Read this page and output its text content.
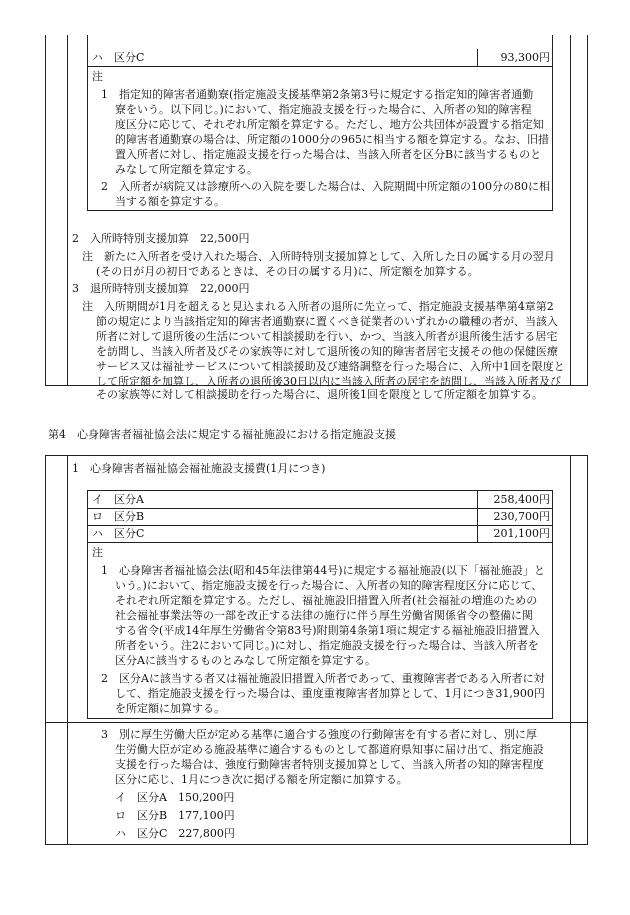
ハ　区分C	93,300円
注
1　指定知的障害者通勤寮(指定施設支援基準第2条第3号に規定する指定知的障害者通勤
寮をいう。以下同じ。)において、指定施設支援を行った場合に、入所者の知的障害程
度区分に応じて、それぞれ所定額を算定する。ただし、地方公共団体が設置する指定知
的障害者通勤寮の場合は、所定額の1000分の965に相当する額を算定する。なお、旧措
置入所者に対し、指定施設支援を行った場合は、当該入所者を区分Bに該当するものと
みなして所定額を算定する。
2　入所者が病院又は診療所への入院を要した場合は、入院期間中所定額の100分の80に相
当する額を算定する。
2　入所時特別支援加算　22,500円
注　新たに入所者を受け入れた場合、入所時特別支援加算として、入所した日の属する月の翌月
(その日が月の初日であるときは、その日の属する月)に、所定額を加算する。
3　退所時特別支援加算　22,000円
注　入所期間が1月を超えると見込まれる入所者の退所に先立って、指定施設支援基準第4章第2
節の規定により当該指定知的障害者通勤寮に置くべき従業者のいずれかの職種の者が、当該入
所者に対して退所後の生活について相談援助を行い、かつ、当該入所者が退所後生活する居宅
を訪問し、当該入所者及びその家族等に対して退所後の知的障害者居宅支援その他の保健医療
サービス又は福祉サービスについて相談援助及び連絡調整を行った場合に、入所中1回を限度と
して所定額を加算し、入所者の退所後30日以内に当該入所者の居宅を訪問し、当該入所者及び
その家族等に対して相談援助を行った場合に、退所後1回を限度として所定額を加算する。
第4　心身障害者福祉協会法に規定する福祉施設における指定施設支援
1　心身障害者福祉協会福祉施設支援費(1月につき)
イ　区分A	258,400円
ロ　区分B	230,700円
ハ　区分C	201,100円
注
1　心身障害者福祉協会法(昭和45年法律第44号)に規定する福祉施設(以下「福祉施設」と
いう。)において、指定施設支援を行った場合に、入所者の知的障害程度区分に応じて、
それぞれ所定額を算定する。ただし、福祉施設旧措置入所者(社会福祉の増進のための
社会福祉事業法等の一部を改正する法律の施行に伴う厚生労働省関係省令の整備に関
する省令(平成14年厚生労働省令第83号)附則第4条第1項に規定する福祉施設旧措置入
所者をいう。注2において同じ。)に対し、指定施設支援を行った場合は、当該入所者を
区分Aに該当するものとみなして所定額を算定する。
2　区分Aに該当する者又は福祉施設旧措置入所者であって、重複障害者である入所者に対
して、指定施設支援を行った場合は、重度重複障害者加算として、1月につき31,900円
を所定額に加算する。
3　別に厚生労働大臣が定める基準に適合する強度の行動障害を有する者に対し、別に厚
生労働大臣が定める施設基準に適合するものとして都道府県知事に届け出て、指定施設
支援を行った場合は、強度行動障害者特別支援加算として、当該入所者の知的障害程度
区分に応じ、1月につき次に掲げる額を所定額に加算する。
イ　区分A　150,200円
ロ　区分B　177,100円
ハ　区分C　227,800円
